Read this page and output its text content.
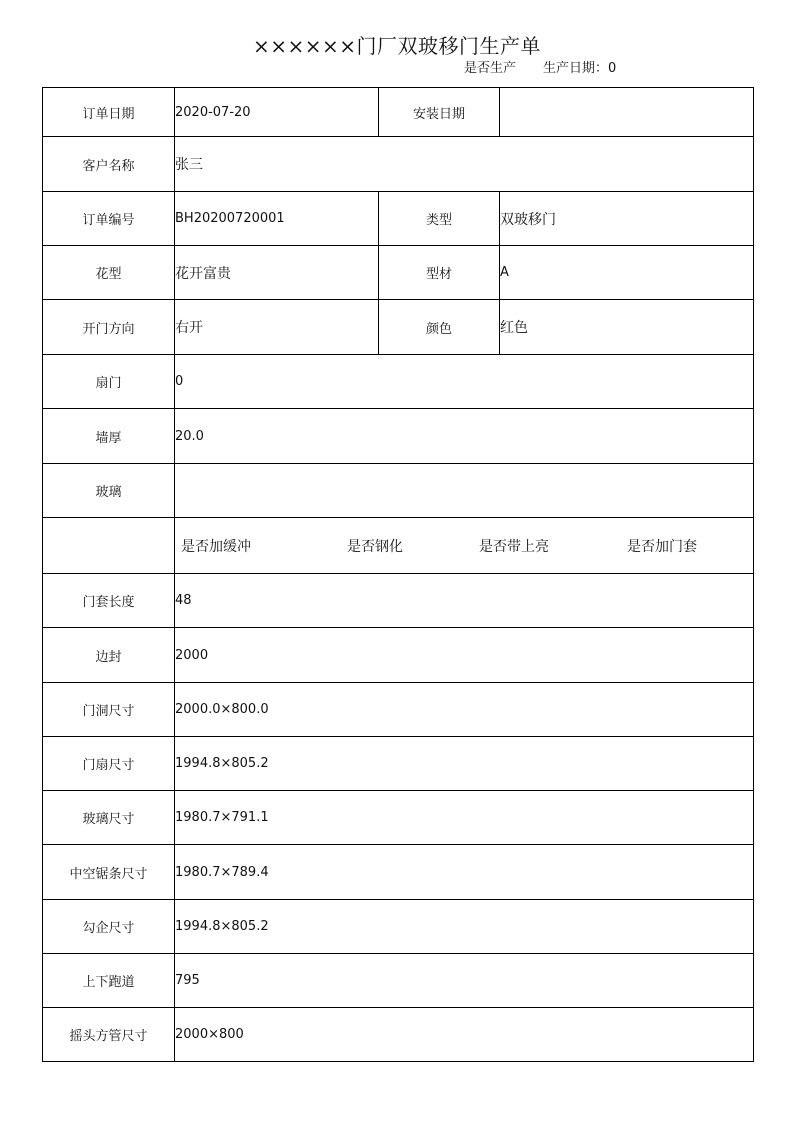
××××××门厂双玻移门生产单
是否生产 生产日期：0
订单日期	2020-07-20	安装日期	
客户名称	张三		
订单编号	BH20200720001	类型	双玻移门
花型	花开富贵	型材	A
开门方向	右开	颜色	红色
扇门	0		
墙厚	20.0		
玻璃			

	是否加缓冲 是否钢化 是否带上亮 是否加门套		

门套长度	48		
边封	2000		
门洞尺寸	2000.0×800.0		
门扇尺寸	1994.8×805.2		
玻璃尺寸	1980.7×791.1		
中空锯条尺寸	1980.7×789.4		
勾企尺寸	1994.8×805.2		
上下跑道	795		
摇头方管尺寸	2000×800		
